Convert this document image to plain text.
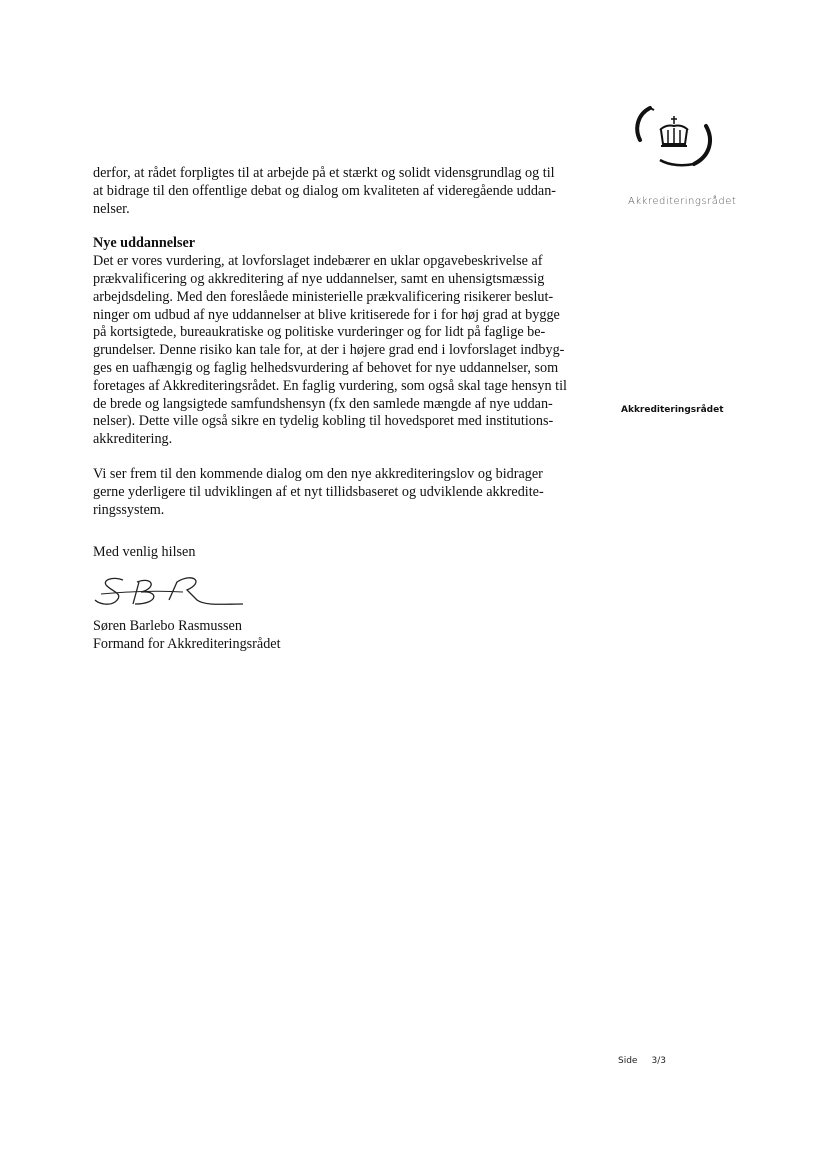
Akkrediteringsrådet
Akkrediteringsrådet

derfor, at rådet forpligtes til at arbejde på et stærkt og solidt vidensgrundlag og til
at bidrage til den offentlige debat og dialog om kvaliteten af videregående uddan-
nelser.

Nye uddannelser

Det er vores vurdering, at lovforslaget indebærer en uklar opgavebeskrivelse af
prækvalificering og akkreditering af nye uddannelser, samt en uhensigtsmæssig
arbejdsdeling. Med den foreslåede ministerielle prækvalificering risikerer beslut-
ninger om udbud af nye uddannelser at blive kritiserede for i for høj grad at bygge
på kortsigtede, bureaukratiske og politiske vurderinger og for lidt på faglige be-
grundelser. Denne risiko kan tale for, at der i højere grad end i lovforslaget indbyg-
ges en uafhængig og faglig helhedsvurdering af behovet for nye uddannelser, som
foretages af Akkrediteringsrådet. En faglig vurdering, som også skal tage hensyn til
de brede og langsigtede samfundshensyn (fx den samlede mængde af nye uddan-
nelser). Dette ville også sikre en tydelig kobling til hovedsporet med institutions-
akkreditering.

Vi ser frem til den kommende dialog om den nye akkrediteringslov og bidrager
gerne yderligere til udviklingen af et nyt tillidsbaseret og udviklende akkredite-
ringssystem.

Med venlig hilsen
Søren Barlebo Rasmussen
Formand for Akkrediteringsrådet
Side 3/3
